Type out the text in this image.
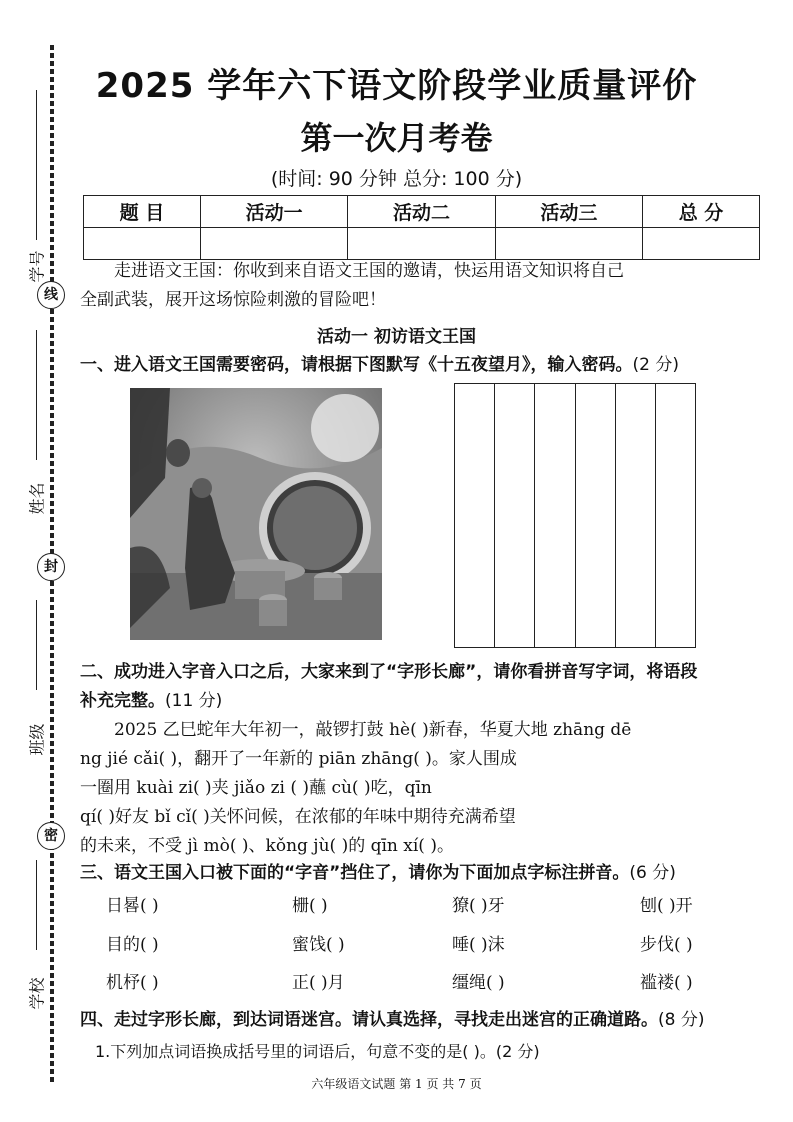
学号
线
姓名
封
班级
密
学校
2025 学年六下语文阶段学业质量评价
第一次月考卷
(时间: 90 分钟 总分: 100 分)
题 目	活动一	活动二	活动三	总 分

走进语文王国：你收到来自语文王国的邀请，快运用语文知识将自己
全副武装，展开这场惊险刺激的冒险吧！
活动一 初访语文王国
一、进入语文王国需要密码，请根据下图默写《十五夜望月》，输入密码。(2 分)
二、成功进入字音入口之后，大家来到了“字形长廊”，请你看拼音写字词，将语段
补充完整。(11 分)
2025 乙巳蛇年大年初一，敲锣打鼓 hè( )新春，华夏大地 zhāng dē
ng jié cǎi( )，翻开了一年新的 piān zhāng( )。家人围成
一圈用 kuài zi( )夹 jiǎo zi ( )蘸 cù( )吃，qīn
qí( )好友 bǐ cǐ( )关怀问候，在浓郁的年味中期待充满希望
的未来，不受 jì mò( )、kǒng jù( )的 qīn xí( )。
三、语文王国入口被下面的“字音”挡住了，请你为下面加点字标注拼音。(6 分)
日晷( )	栅( )	獠( )牙	刨( )开
目的( )	蜜饯( )	唾( )沫	步伐( )
机杼( )	正( )月	缰绳( )	褴褛( )
四、走过字形长廊，到达词语迷宫。请认真选择，寻找走出迷宫的正确道路。(8 分)
1.下列加点词语换成括号里的词语后，句意不变的是( )。(2 分)
六年级语文试题 第 1 页 共 7 页
